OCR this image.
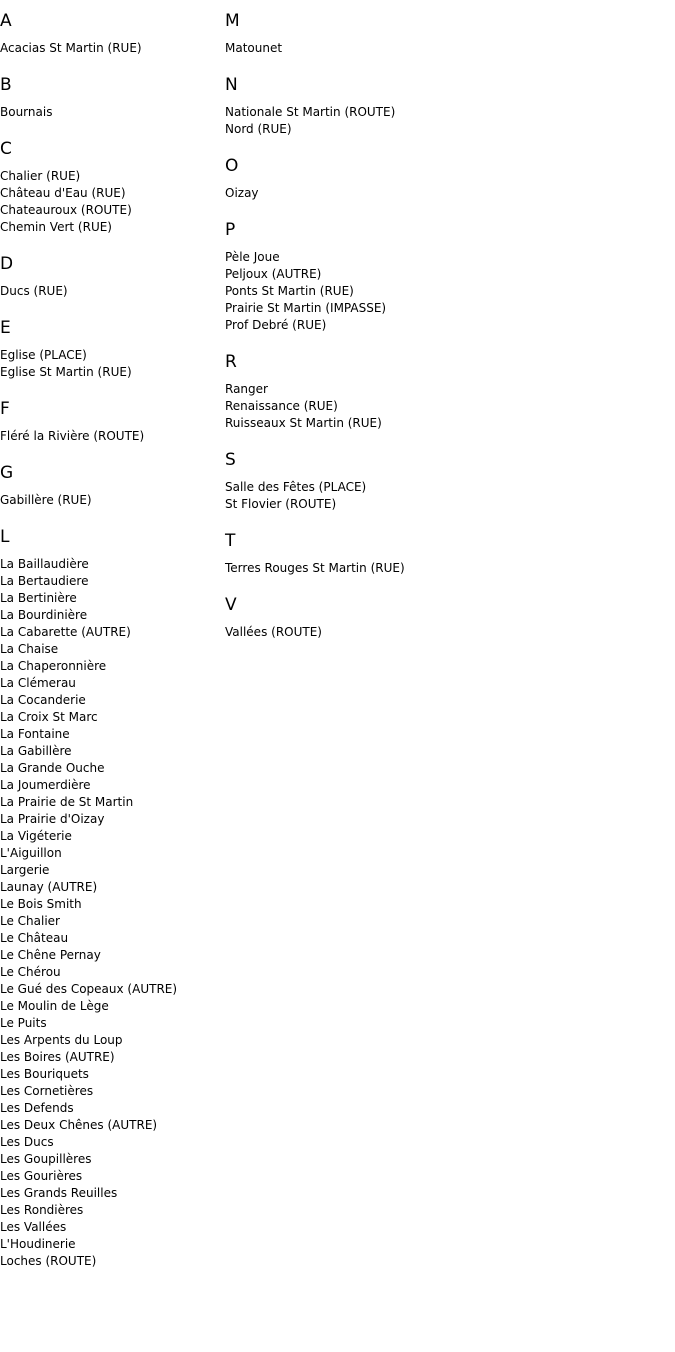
A
Acacias St Martin (RUE)
B
Bournais
C
Chalier (RUE)
Château d'Eau (RUE)
Chateauroux (ROUTE)
Chemin Vert (RUE)
D
Ducs (RUE)
E
Eglise (PLACE)
Eglise St Martin (RUE)
F
Fléré la Rivière (ROUTE)
G
Gabillère (RUE)
L
La Baillaudière
La Bertaudiere
La Bertinière
La Bourdinière
La Cabarette (AUTRE)
La Chaise
La Chaperonnière
La Clémerau
La Cocanderie
La Croix St Marc
La Fontaine
La Gabillère
La Grande Ouche
La Joumerdière
La Prairie de St Martin
La Prairie d'Oizay
La Vigéterie
L'Aiguillon
Largerie
Launay (AUTRE)
Le Bois Smith
Le Chalier
Le Château
Le Chêne Pernay
Le Chérou
Le Gué des Copeaux (AUTRE)
Le Moulin de Lège
Le Puits
Les Arpents du Loup
Les Boires (AUTRE)
Les Bouriquets
Les Cornetières
Les Defends
Les Deux Chênes (AUTRE)
Les Ducs
Les Goupillères
Les Gourières
Les Grands Reuilles
Les Rondières
Les Vallées
L'Houdinerie
Loches (ROUTE)
M
Matounet
N
Nationale St Martin (ROUTE)
Nord (RUE)
O
Oizay
P
Pèle Joue
Peljoux (AUTRE)
Ponts St Martin (RUE)
Prairie St Martin (IMPASSE)
Prof Debré (RUE)
R
Ranger
Renaissance (RUE)
Ruisseaux St Martin (RUE)
S
Salle des Fêtes (PLACE)
St Flovier (ROUTE)
T
Terres Rouges St Martin (RUE)
V
Vallées (ROUTE)
